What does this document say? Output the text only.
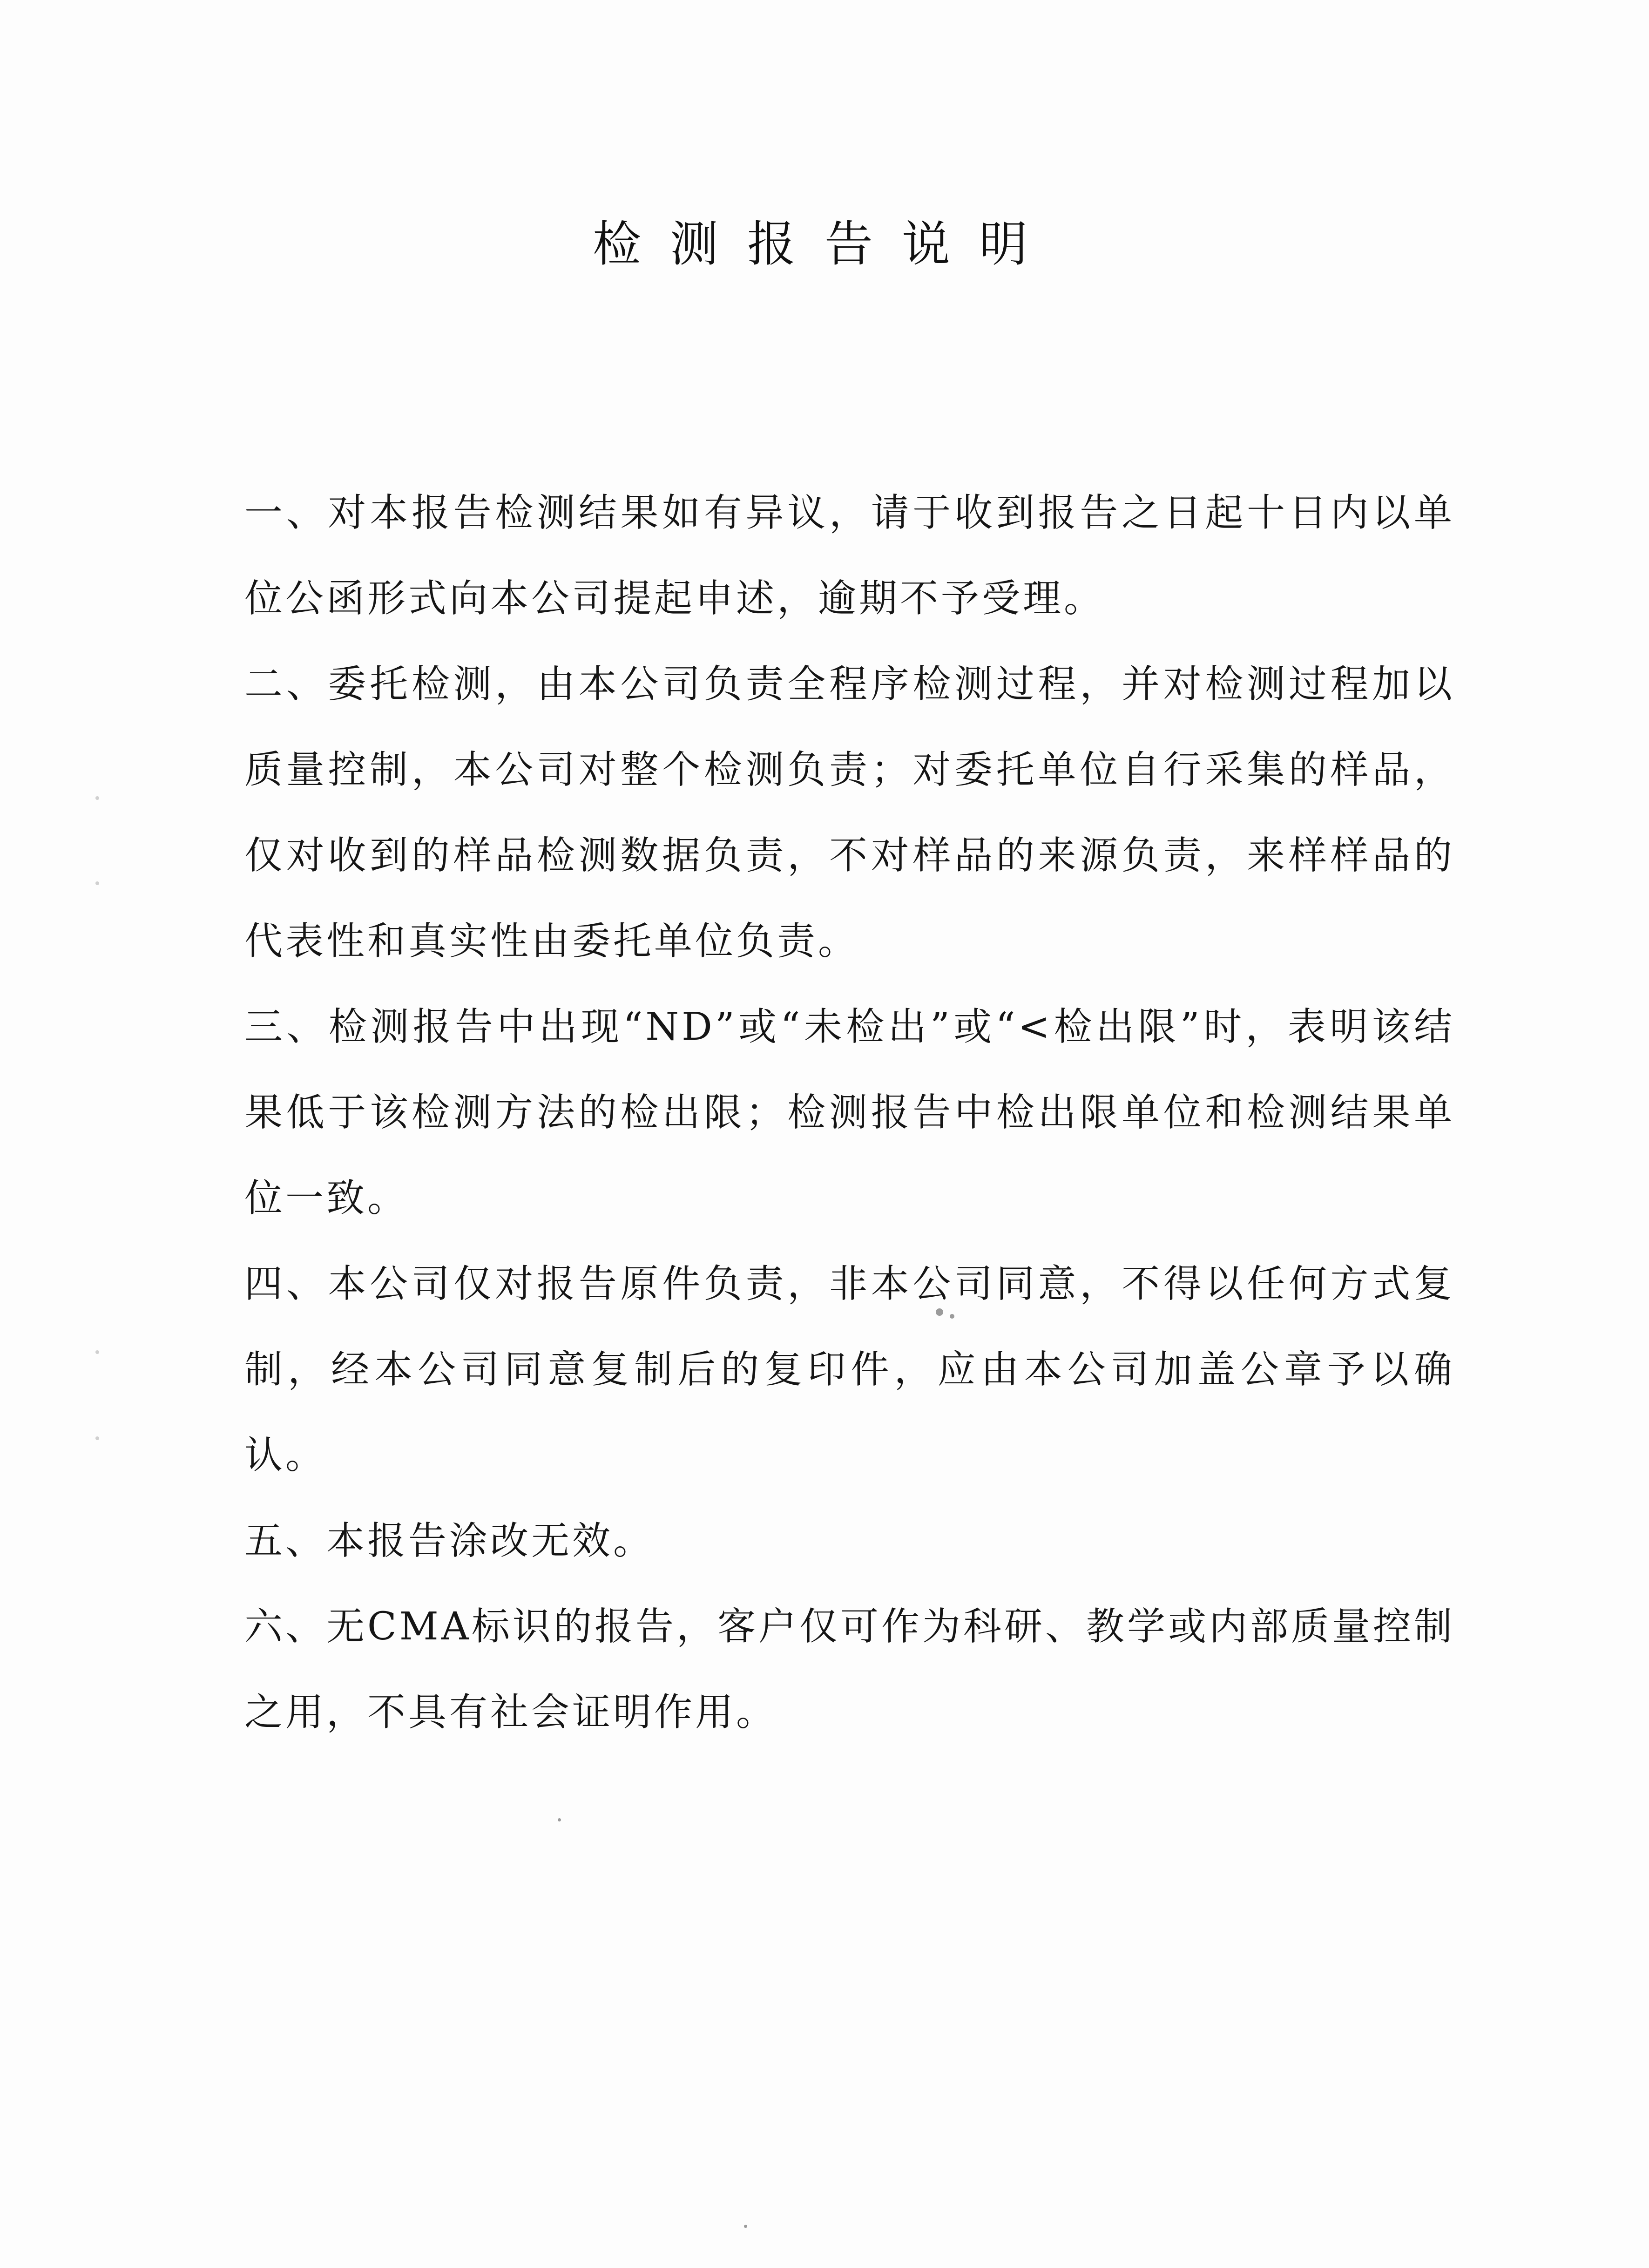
检测报告说明

一、对本报告检测结果如有异议，请于收到报告之日起十日内以单位公函形式向本公司提起申述，逾期不予受理。

二、委托检测，由本公司负责全程序检测过程，并对检测过程加以质量控制，本公司对整个检测负责；对委托单位自行采集的样品，仅对收到的样品检测数据负责，不对样品的来源负责，来样样品的代表性和真实性由委托单位负责。

三、检测报告中出现“ND”或“未检出”或“<检出限”时，表明该结果低于该检测方法的检出限；检测报告中检出限单位和检测结果单位一致。

四、本公司仅对报告原件负责，非本公司同意，不得以任何方式复制，经本公司同意复制后的复印件，应由本公司加盖公章予以确认。

五、本报告涂改无效。

六、无CMA标识的报告，客户仅可作为科研、教学或内部质量控制之用，不具有社会证明作用。
